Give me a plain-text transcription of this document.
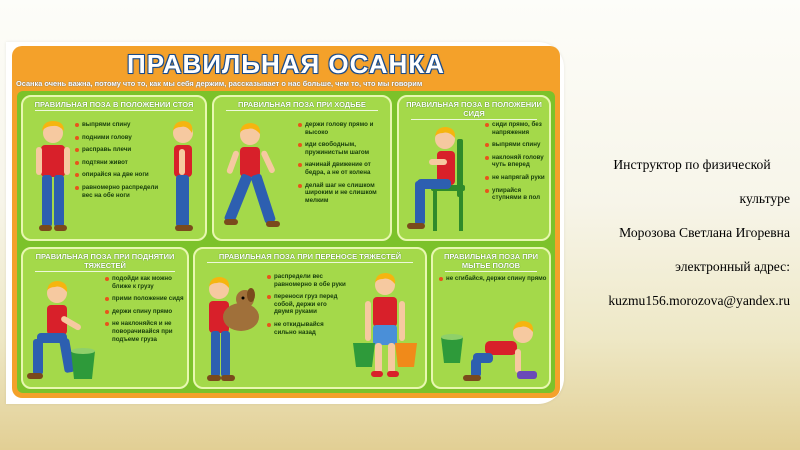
ПРАВИЛЬНАЯ ОСАНКА
Осанка очень важна, потому что то, как мы себя держим, рассказывает о нас больше, чем то, что мы говорим
ПРАВИЛЬНАЯ ПОЗА В ПОЛОЖЕНИИ СТОЯ
выпрями спину
подними голову
расправь плечи
подтяни живот
опирайся на две ноги
равномерно распредели вес на обе ноги
ПРАВИЛЬНАЯ ПОЗА ПРИ ХОДЬБЕ
держи голову прямо и высоко
иди свободным, пружинистым шагом
начинай движение от бедра, а не от колена
делай шаг не слишком широким и не слишком мелким
ПРАВИЛЬНАЯ ПОЗА В ПОЛОЖЕНИИ СИДЯ
сиди прямо, без напряжения
выпрями спину
наклоняй голову чуть вперед
не напрягай руки
упирайся ступнями в пол
ПРАВИЛЬНАЯ ПОЗА ПРИ ПОДНЯТИИ ТЯЖЕСТЕЙ
подойди как можно ближе к грузу
прими положение сидя
держи спину прямо
не наклоняйся и не поворачивайся при подъеме груза
ПРАВИЛЬНАЯ ПОЗА ПРИ ПЕРЕНОСЕ ТЯЖЕСТЕЙ
распредели вес равномерно в обе руки
переноси груз перед собой, держи его двумя руками
не откидывайся сильно назад
ПРАВИЛЬНАЯ ПОЗА ПРИ МЫТЬЕ ПОЛОВ
не сгибайся, держи спину прямо
Инструктор по физической
культуре
Морозова Светлана Игоревна
электронный адрес:
kuzmu156.morozova@yandex.ru
